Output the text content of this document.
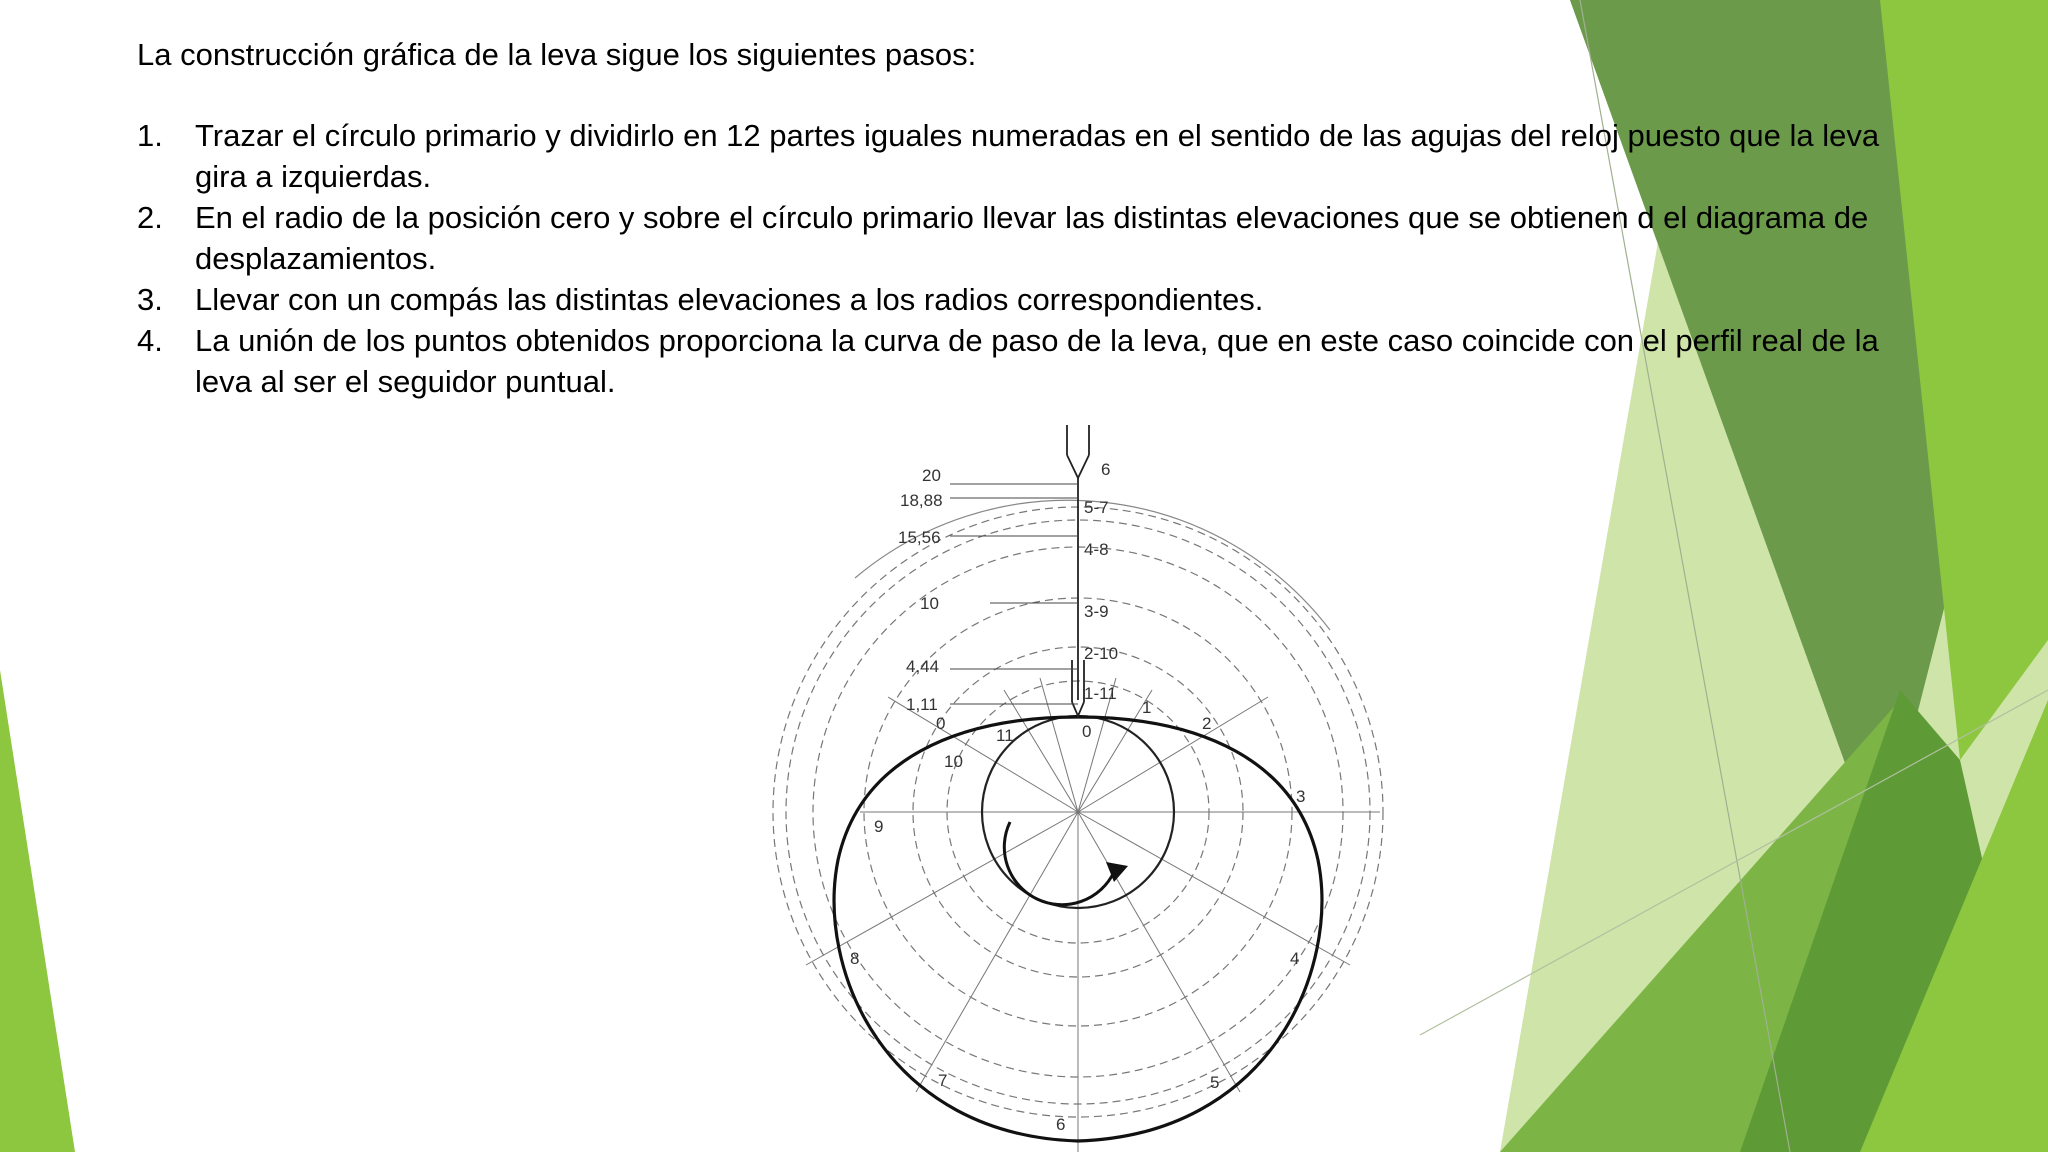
La construcción gráfica de la leva sigue los siguientes pasos:

1. Trazar el círculo primario y dividirlo en 12 partes iguales numeradas en el sentido de las agujas del reloj puesto que la leva gira a izquierdas.
2. En el radio de la posición cero y sobre el círculo primario llevar las distintas elevaciones que se obtienen d el diagrama de desplazamientos.
3. Llevar con un compás las distintas elevaciones a los radios correspondientes.
4. La unión de los puntos obtenidos proporciona la curva de paso de la leva, que en este caso coincide con el perfil real de la leva al ser el seguidor puntual.
20
18,88
15,56
10
4,44
1,11
0
6
5-7
4-8
3-9
2-10
1-11
0
11
1
2
10
3
9
4
8
7	5
6
